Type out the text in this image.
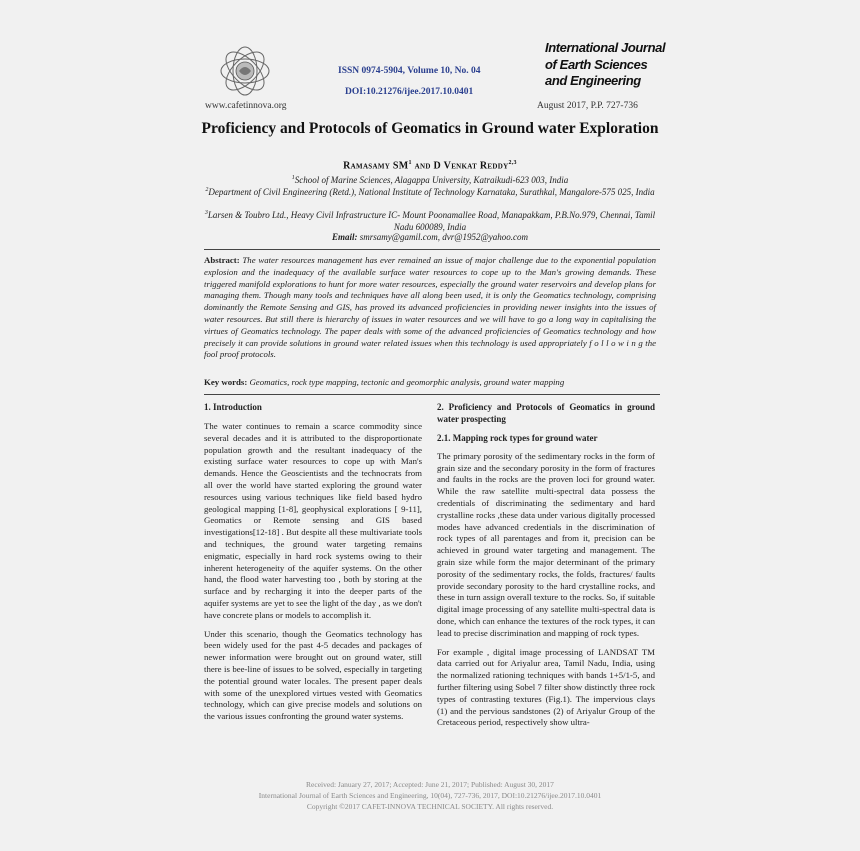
www.cafetinnova.org
ISSN 0974-5904, Volume 10, No. 04
DOI:10.21276/ijee.2017.10.0401
International Journal
of Earth Sciences
and Engineering
August 2017, P.P. 727-736
Proficiency and Protocols of Geomatics in Ground water Exploration
Ramasamy $SM^1$ and D Venkat Reddy$^{2,3}$
$^1$School of Marine Sciences, Alagappa University, Katraikudi-623 003, India
$^2$Department of Civil Engineering (Retd.), National Institute of Technology Karnataka, Surathkal, Mangalore-575 025, India
$^3$Larsen & Toubro Ltd., Heavy Civil Infrastructure IC- Mount Poonamallee Road, Manapakkam, P.B.No.979, Chennai, Tamil Nadu 600089, India
Email: smrsamy@gamil.com, dvr@1952@yahoo.com
Abstract: The water resources management has ever remained an issue of major challenge due to the exponential population explosion and the inadequacy of the available surface water resources to cope up to the Man's growing demands. These triggered manifold explorations to hunt for more water resources, especially the ground water reservoirs and develop plans for managing them. Though many tools and techniques have all along been used, it is only the Geomatics technology, comprising dominantly the Remote Sensing and GIS, has proved its advanced proficiencies in providing newer insights into the issues of water resources. But still there is hierarchy of issues in water resources and we will have to go a long way in capitalising the virtues of Geomatics technology. The paper deals with some of the advanced proficiencies of Geomatics technology and how precisely it can provide solutions in ground water related issues when this technology is used appropriately f o l l o w i n g the fool proof protocols.
Key words: Geomatics, rock type mapping, tectonic and geomorphic analysis, ground water mapping
1. Introduction

The water continues to remain a scarce commodity since several decades and it is attributed to the disproportionate population growth and the resultant inadequacy of the existing surface water resources to cope up with Man's demands. Hence the Geoscientists and the technocrats from all over the world have started exploring the ground water resources using various techniques like field based hydro geological mapping [1-8], geophysical explorations [ 9-11], Geomatics or Remote sensing and GIS based investigations[12-18] . But despite all these multivariate tools and techniques, the ground water targeting remains enigmatic, especially in hard rock systems owing to their inherent heterogeneity of the aquifer systems. On the other hand, the flood water harvesting too , both by storing at the surface and by recharging it into the deeper parts of the aquifer systems are yet to see the light of the day , as we don't have concrete plans or models to accomplish it.

Under this scenario, though the Geomatics technology has been widely used for the past 4-5 decades and packages of newer information were brought out on ground water, still there is bee-line of issues to be solved, especially in targeting the potential ground water locales. The present paper deals with some of the unexplored virtues vested with Geomatics technology, which can give precise models and solutions on the various issues confronting the ground water systems.

2. Proficiency and Protocols of Geomatics in ground water prospecting
2.1. Mapping rock types for ground water

The primary porosity of the sedimentary rocks in the form of grain size and the secondary porosity in the form of fractures and faults in the rocks are the proven loci for ground water. While the raw satellite multi-spectral data possess the credentials of discriminating the sedimentary and hard crystalline rocks ,these data under various digitally processed modes have advanced credentials in the discrimination of rock types of all parentages and from it, precision can be achieved in ground water targeting and management. The grain size while form the major determinant of the primary porosity of the sedimentary rocks, the folds, fractures/ faults provide secondary porosity to the hard crystalline rocks, and these in turn assign overall texture to the rocks. So, if suitable digital image processing of any satellite multi-spectral data is done, which can enhance the textures of the rock types, it can lead to precise discrimination and mapping of rock types.

For example , digital image processing of LANDSAT TM data carried out for Ariyalur area, Tamil Nadu, India, using the normalized rationing techniques with bands 1+5/1-5, and further filtering using Sobel 7 filter show distinctly three rock types of contrasting textures (Fig.1). The impervious clays (1) and the pervious sandstones (2) of Ariyalur Group of the Cretaceous period, respectively show ultra-

Received: January 27, 2017; Accepted: June 21, 2017; Published: August 30, 2017
International Journal of Earth Sciences and Engineering, 10(04), 727-736, 2017, DOI:10.21276/ijee.2017.10.0401
Copyright ©2017 CAFET-INNOVA TECHNICAL SOCIETY. All rights reserved.
